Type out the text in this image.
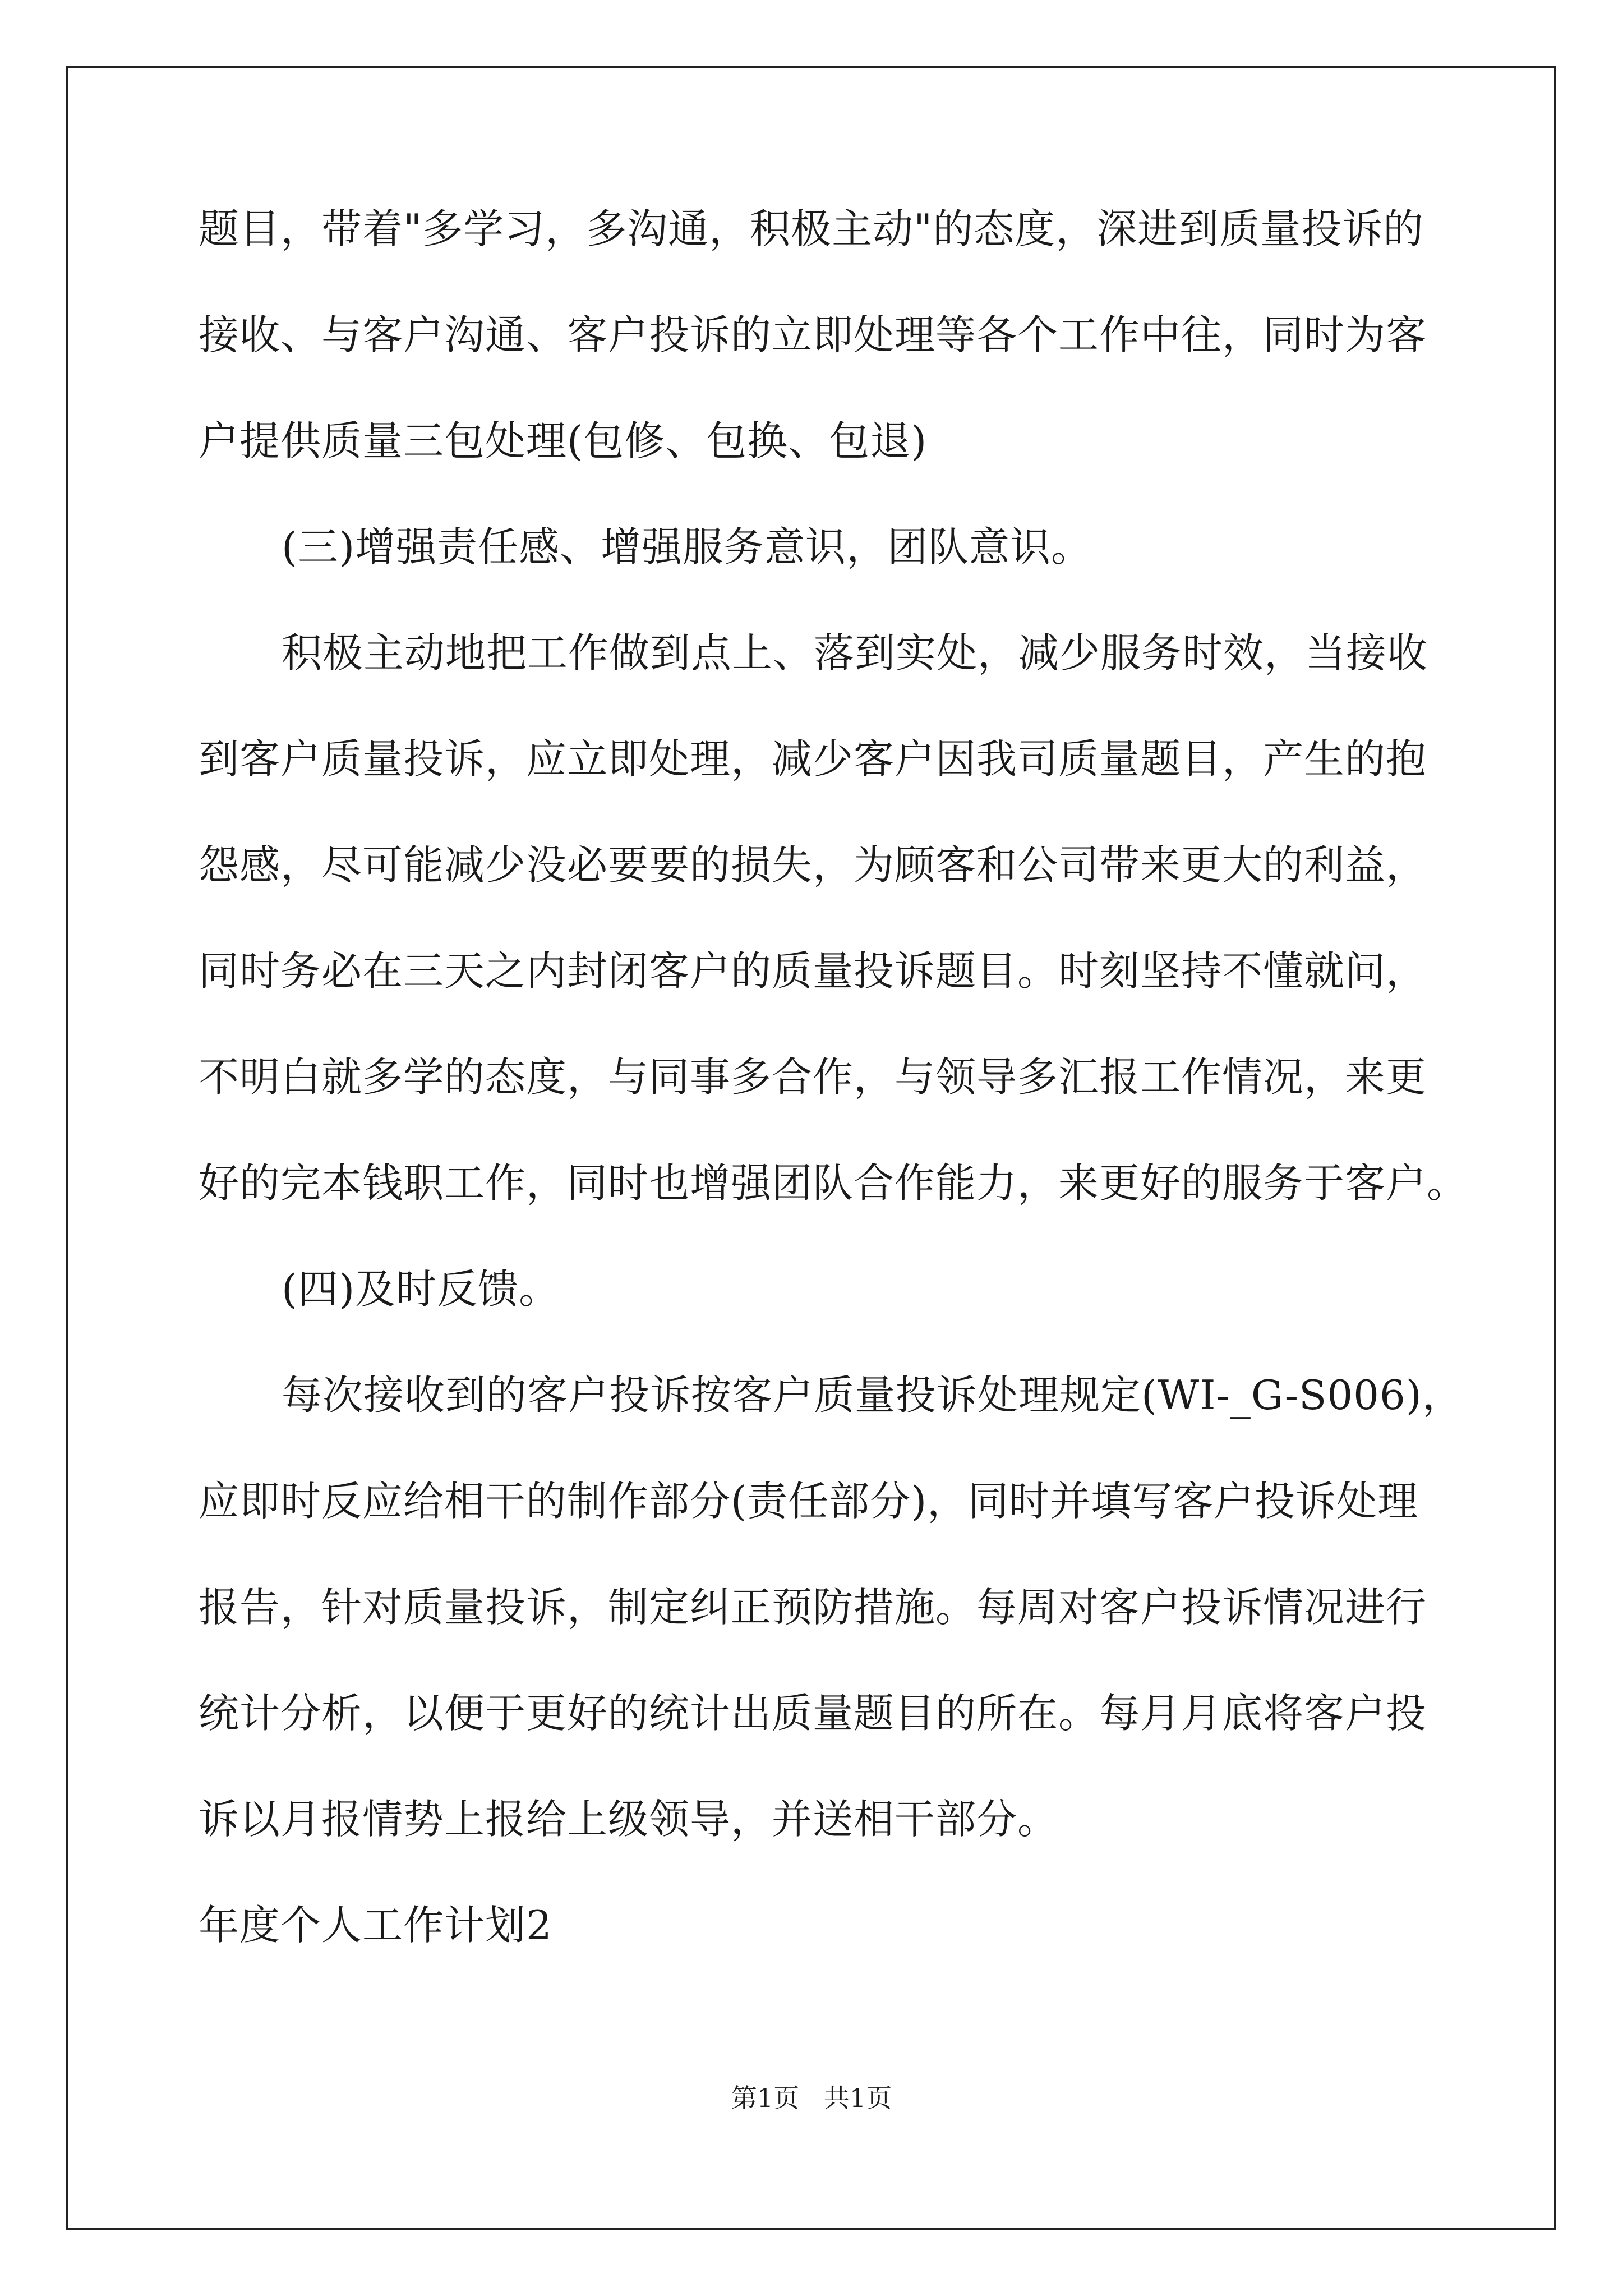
题目，带着"多学习，多沟通，积极主动"的态度，深进到质量投诉的
接收、与客户沟通、客户投诉的立即处理等各个工作中往，同时为客
户提供质量三包处理(包修、包换、包退)
(三)增强责任感、增强服务意识，团队意识。
积极主动地把工作做到点上、落到实处，减少服务时效，当接收
到客户质量投诉，应立即处理，减少客户因我司质量题目，产生的抱
怨感，尽可能减少没必要要的损失，为顾客和公司带来更大的利益，
同时务必在三天之内封闭客户的质量投诉题目。时刻坚持不懂就问，
不明白就多学的态度，与同事多合作，与领导多汇报工作情况，来更
好的完本钱职工作，同时也增强团队合作能力，来更好的服务于客户。
(四)及时反馈。
每次接收到的客户投诉按客户质量投诉处理规定(WI-_G-S006)，
应即时反应给相干的制作部分(责任部分)，同时并填写客户投诉处理
报告，针对质量投诉，制定纠正预防措施。每周对客户投诉情况进行
统计分析，以便于更好的统计出质量题目的所在。每月月底将客户投
诉以月报情势上报给上级领导，并送相干部分。
年度个人工作计划2
第1页   共1页
